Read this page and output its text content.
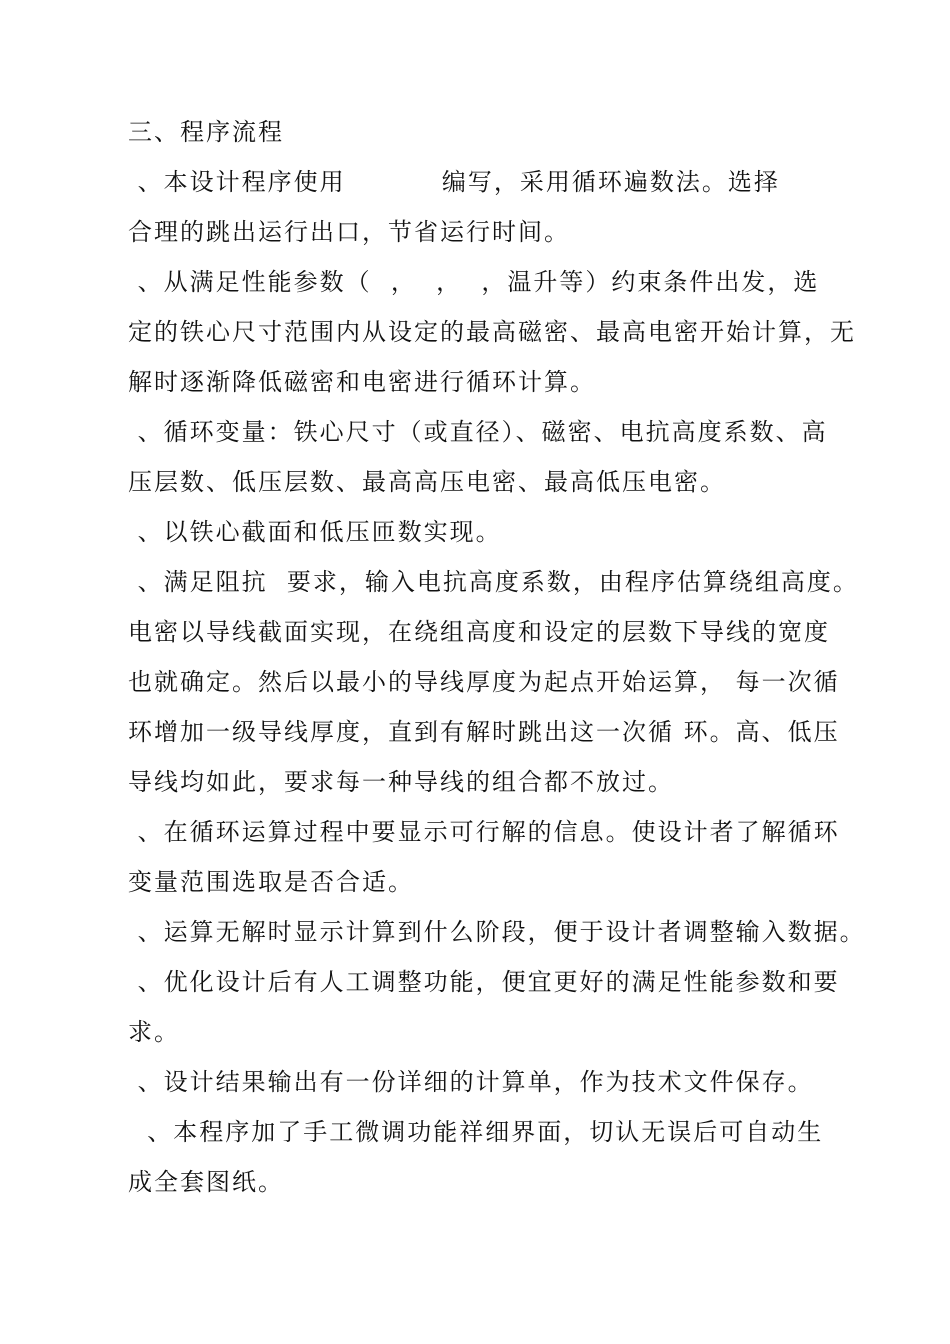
三、程序流程
、本设计程序使用          编写，采用循环遍数法。选择
合理的跳出运行出口，节省运行时间。
、从满足性能参数（  ，  ，  ，温升等）约束条件出发，选
定的铁心尺寸范围内从设定的最高磁密、最高电密开始计算，无
解时逐渐降低磁密和电密进行循环计算。
、循环变量：铁心尺寸（或直径）、磁密、电抗高度系数、高
压层数、低压层数、最高高压电密、最高低压电密。
、以铁心截面和低压匝数实现。
、满足阻抗  要求，输入电抗高度系数，由程序估算绕组高度。
电密以导线截面实现，在绕组高度和设定的层数下导线的宽度
也就确定。然后以最小的导线厚度为起点开始运算， 每一次循
环增加一级导线厚度，直到有解时跳出这一次循 环。高、低压
导线均如此，要求每一种导线的组合都不放过。
、在循环运算过程中要显示可行解的信息。使设计者了解循环
变量范围选取是否合适。
、运算无解时显示计算到什么阶段，便于设计者调整输入数据。
、优化设计后有人工调整功能，便宜更好的满足性能参数和要
求。
、设计结果输出有一份详细的计算单，作为技术文件保存。
、本程序加了手工微调功能祥细界面，切认无误后可自动生
成全套图纸。
